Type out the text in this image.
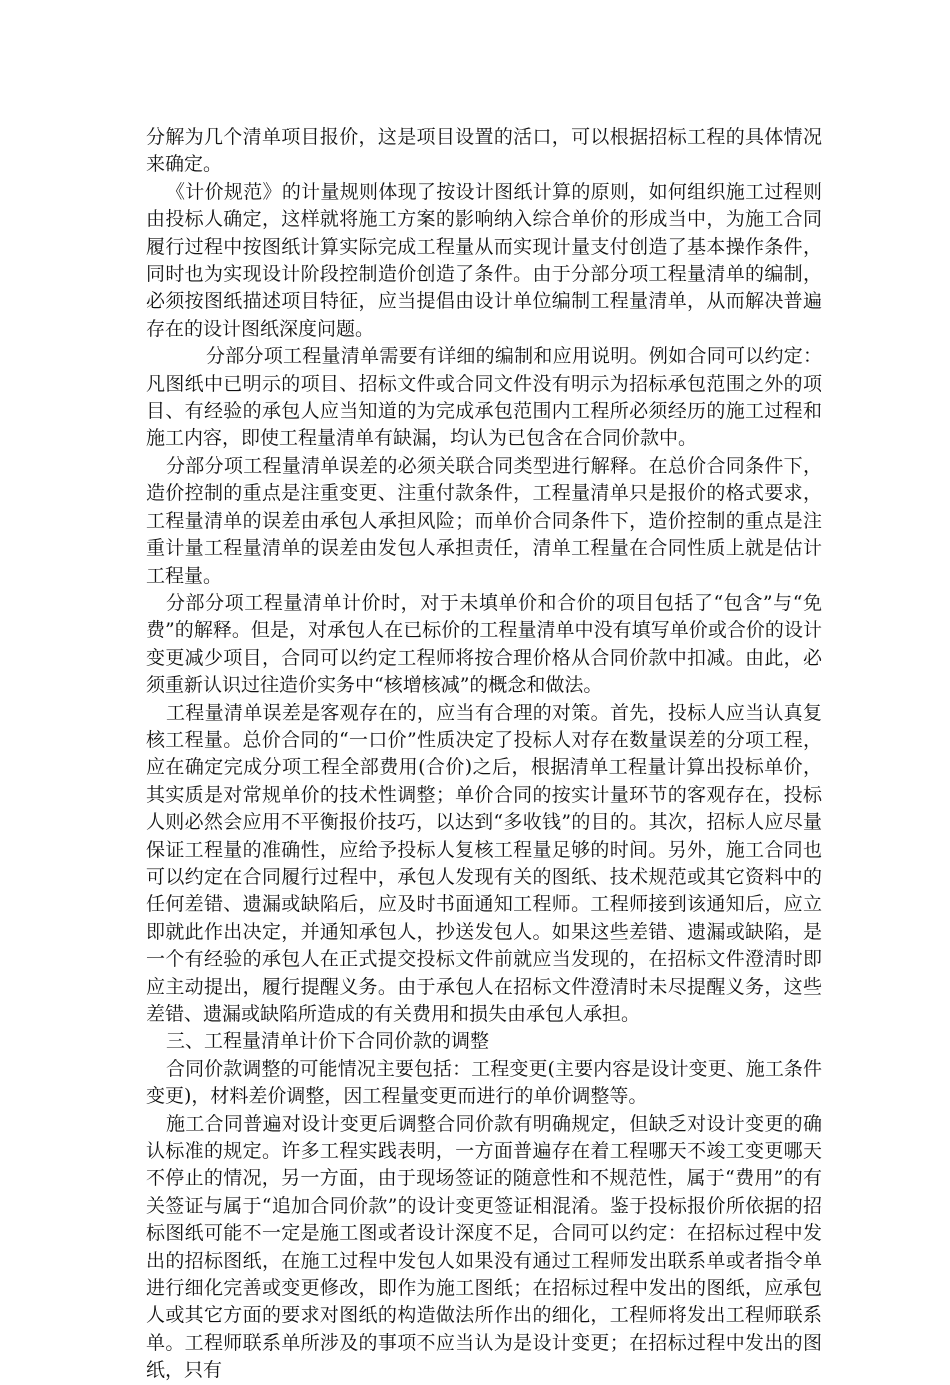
分解为几个清单项目报价，这是项目设置的活口，可以根据招标工程的具体情况来确定。

《计价规范》的计量规则体现了按设计图纸计算的原则，如何组织施工过程则由投标人确定，这样就将施工方案的影响纳入综合单价的形成当中，为施工合同履行过程中按图纸计算实际完成工程量从而实现计量支付创造了基本操作条件，同时也为实现设计阶段控制造价创造了条件。由于分部分项工程量清单的编制，必须按图纸描述项目特征，应当提倡由设计单位编制工程量清单，从而解决普遍存在的设计图纸深度问题。

分部分项工程量清单需要有详细的编制和应用说明。例如合同可以约定：凡图纸中已明示的项目、招标文件或合同文件没有明示为招标承包范围之外的项目、有经验的承包人应当知道的为完成承包范围内工程所必须经历的施工过程和施工内容，即使工程量清单有缺漏，均认为已包含在合同价款中。

分部分项工程量清单误差的必须关联合同类型进行解释。在总价合同条件下，造价控制的重点是注重变更、注重付款条件，工程量清单只是报价的格式要求，工程量清单的误差由承包人承担风险；而单价合同条件下，造价控制的重点是注重计量工程量清单的误差由发包人承担责任，清单工程量在合同性质上就是估计工程量。

分部分项工程量清单计价时，对于未填单价和合价的项目包括了“包含”与“免费”的解释。但是，对承包人在已标价的工程量清单中没有填写单价或合价的设计变更减少项目，合同可以约定工程师将按合理价格从合同价款中扣减。由此，必须重新认识过往造价实务中“核增核减”的概念和做法。

工程量清单误差是客观存在的，应当有合理的对策。首先，投标人应当认真复核工程量。总价合同的“一口价”性质决定了投标人对存在数量误差的分项工程，应在确定完成分项工程全部费用(合价)之后，根据清单工程量计算出投标单价，其实质是对常规单价的技术性调整；单价合同的按实计量环节的客观存在，投标人则必然会应用不平衡报价技巧，以达到“多收钱”的目的。其次，招标人应尽量保证工程量的准确性，应给予投标人复核工程量足够的时间。另外，施工合同也可以约定在合同履行过程中，承包人发现有关的图纸、技术规范或其它资料中的任何差错、遗漏或缺陷后，应及时书面通知工程师。工程师接到该通知后，应立即就此作出决定，并通知承包人，抄送发包人。如果这些差错、遗漏或缺陷，是一个有经验的承包人在正式提交投标文件前就应当发现的，在招标文件澄清时即应主动提出，履行提醒义务。由于承包人在招标文件澄清时未尽提醒义务，这些差错、遗漏或缺陷所造成的有关费用和损失由承包人承担。

三、工程量清单计价下合同价款的调整

合同价款调整的可能情况主要包括：工程变更(主要内容是设计变更、施工条件变更)，材料差价调整，因工程量变更而进行的单价调整等。

施工合同普遍对设计变更后调整合同价款有明确规定，但缺乏对设计变更的确认标准的规定。许多工程实践表明，一方面普遍存在着工程哪天不竣工变更哪天不停止的情况，另一方面，由于现场签证的随意性和不规范性，属于“费用”的有关签证与属于“追加合同价款”的设计变更签证相混淆。鉴于投标报价所依据的招标图纸可能不一定是施工图或者设计深度不足，合同可以约定：在招标过程中发出的招标图纸，在施工过程中发包人如果没有通过工程师发出联系单或者指令单进行细化完善或变更修改，即作为施工图纸；在招标过程中发出的图纸，应承包人或其它方面的要求对图纸的构造做法所作出的细化，工程师将发出工程师联系单。工程师联系单所涉及的事项不应当认为是设计变更；在招标过程中发出的图纸，只有
